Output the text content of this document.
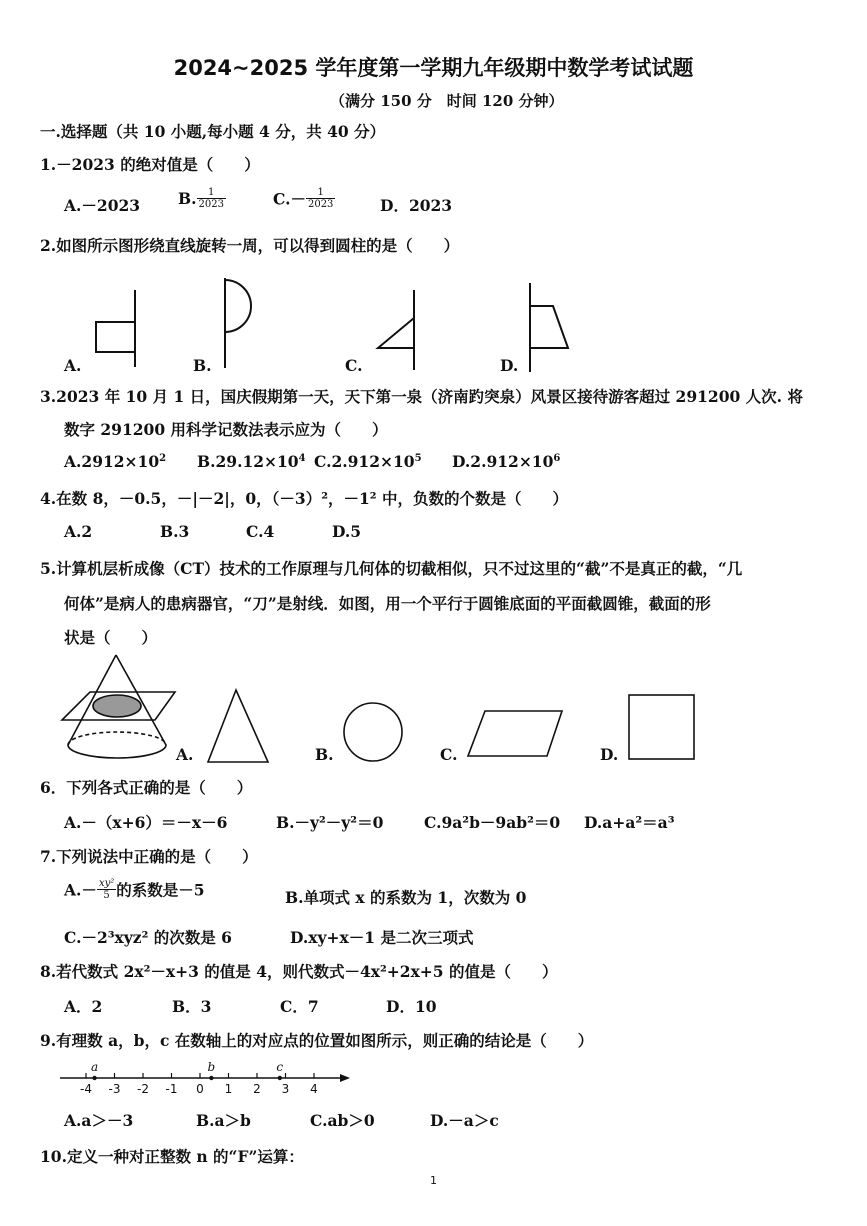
2024~2025 学年度第一学期九年级期中数学考试试题
（满分 150 分　时间 120 分钟）
一.选择题（共 10 小题,每小题 4 分，共 40 分）
1.－2023 的绝对值是（　　）
A.－2023 B. $\frac{1}{2023}$	$C.- \frac{1}{2023}$	D．2023
2.如图所示图形绕直线旋转一周，可以得到圆柱的是（　　）
A.	B.	C.	D.
3.2023 年 10 月 1 日，国庆假期第一天，天下第一泉（济南趵突泉）风景区接待游客超过 291200 人次. 将
数字 291200 用科学记数法表示应为（　　）
$A.2912\times 10^2$ $B.29.12\times 10^4$ $C.2.912\times 10^5$ $D.2.912\times 10^6$
4.在数 8，－0.5，－|－2|，0，（－3）²，－1² 中，负数的个数是（　　）
A.2	B.3	C.4	D.5
5.计算机层析成像（CT）技术的工作原理与几何体的切截相似，只不过这里的“截”不是真正的截，“几
何体”是病人的患病器官，“刀”是射线．如图，用一个平行于圆锥底面的平面截圆锥，截面的形
状是（　　）
A.	B.	C.	D.
6．下列各式正确的是（　　）
A.－（x+6）＝－x－6	B.－y²－y²＝0	C.9a²b－9ab²＝0 D.a+a²＝a³
7.下列说法中正确的是（　　）
$A.- \frac{\text{xy²}}{5}$ 的系数是－5	B.单项式 x 的系数为 1，次数为 0
C.－2³xyz² 的次数是 6	D.xy+x－1 是二次三项式
8.若代数式 2x²－x+3 的值是 4，则代数式－4x²+2x+5 的值是（　　）
A．2	B．3	C．7	D．10
9.有理数 a，b，c 在数轴上的对应点的位置如图所示，则正确的结论是（　　）
-4 -3 -2 -1 0 1 2 3 4
a	b	c
A.a＞－3	B.a＞b	C.ab＞0	D.－a＞c
10.定义一种对正整数 n 的“F”运算：
1
